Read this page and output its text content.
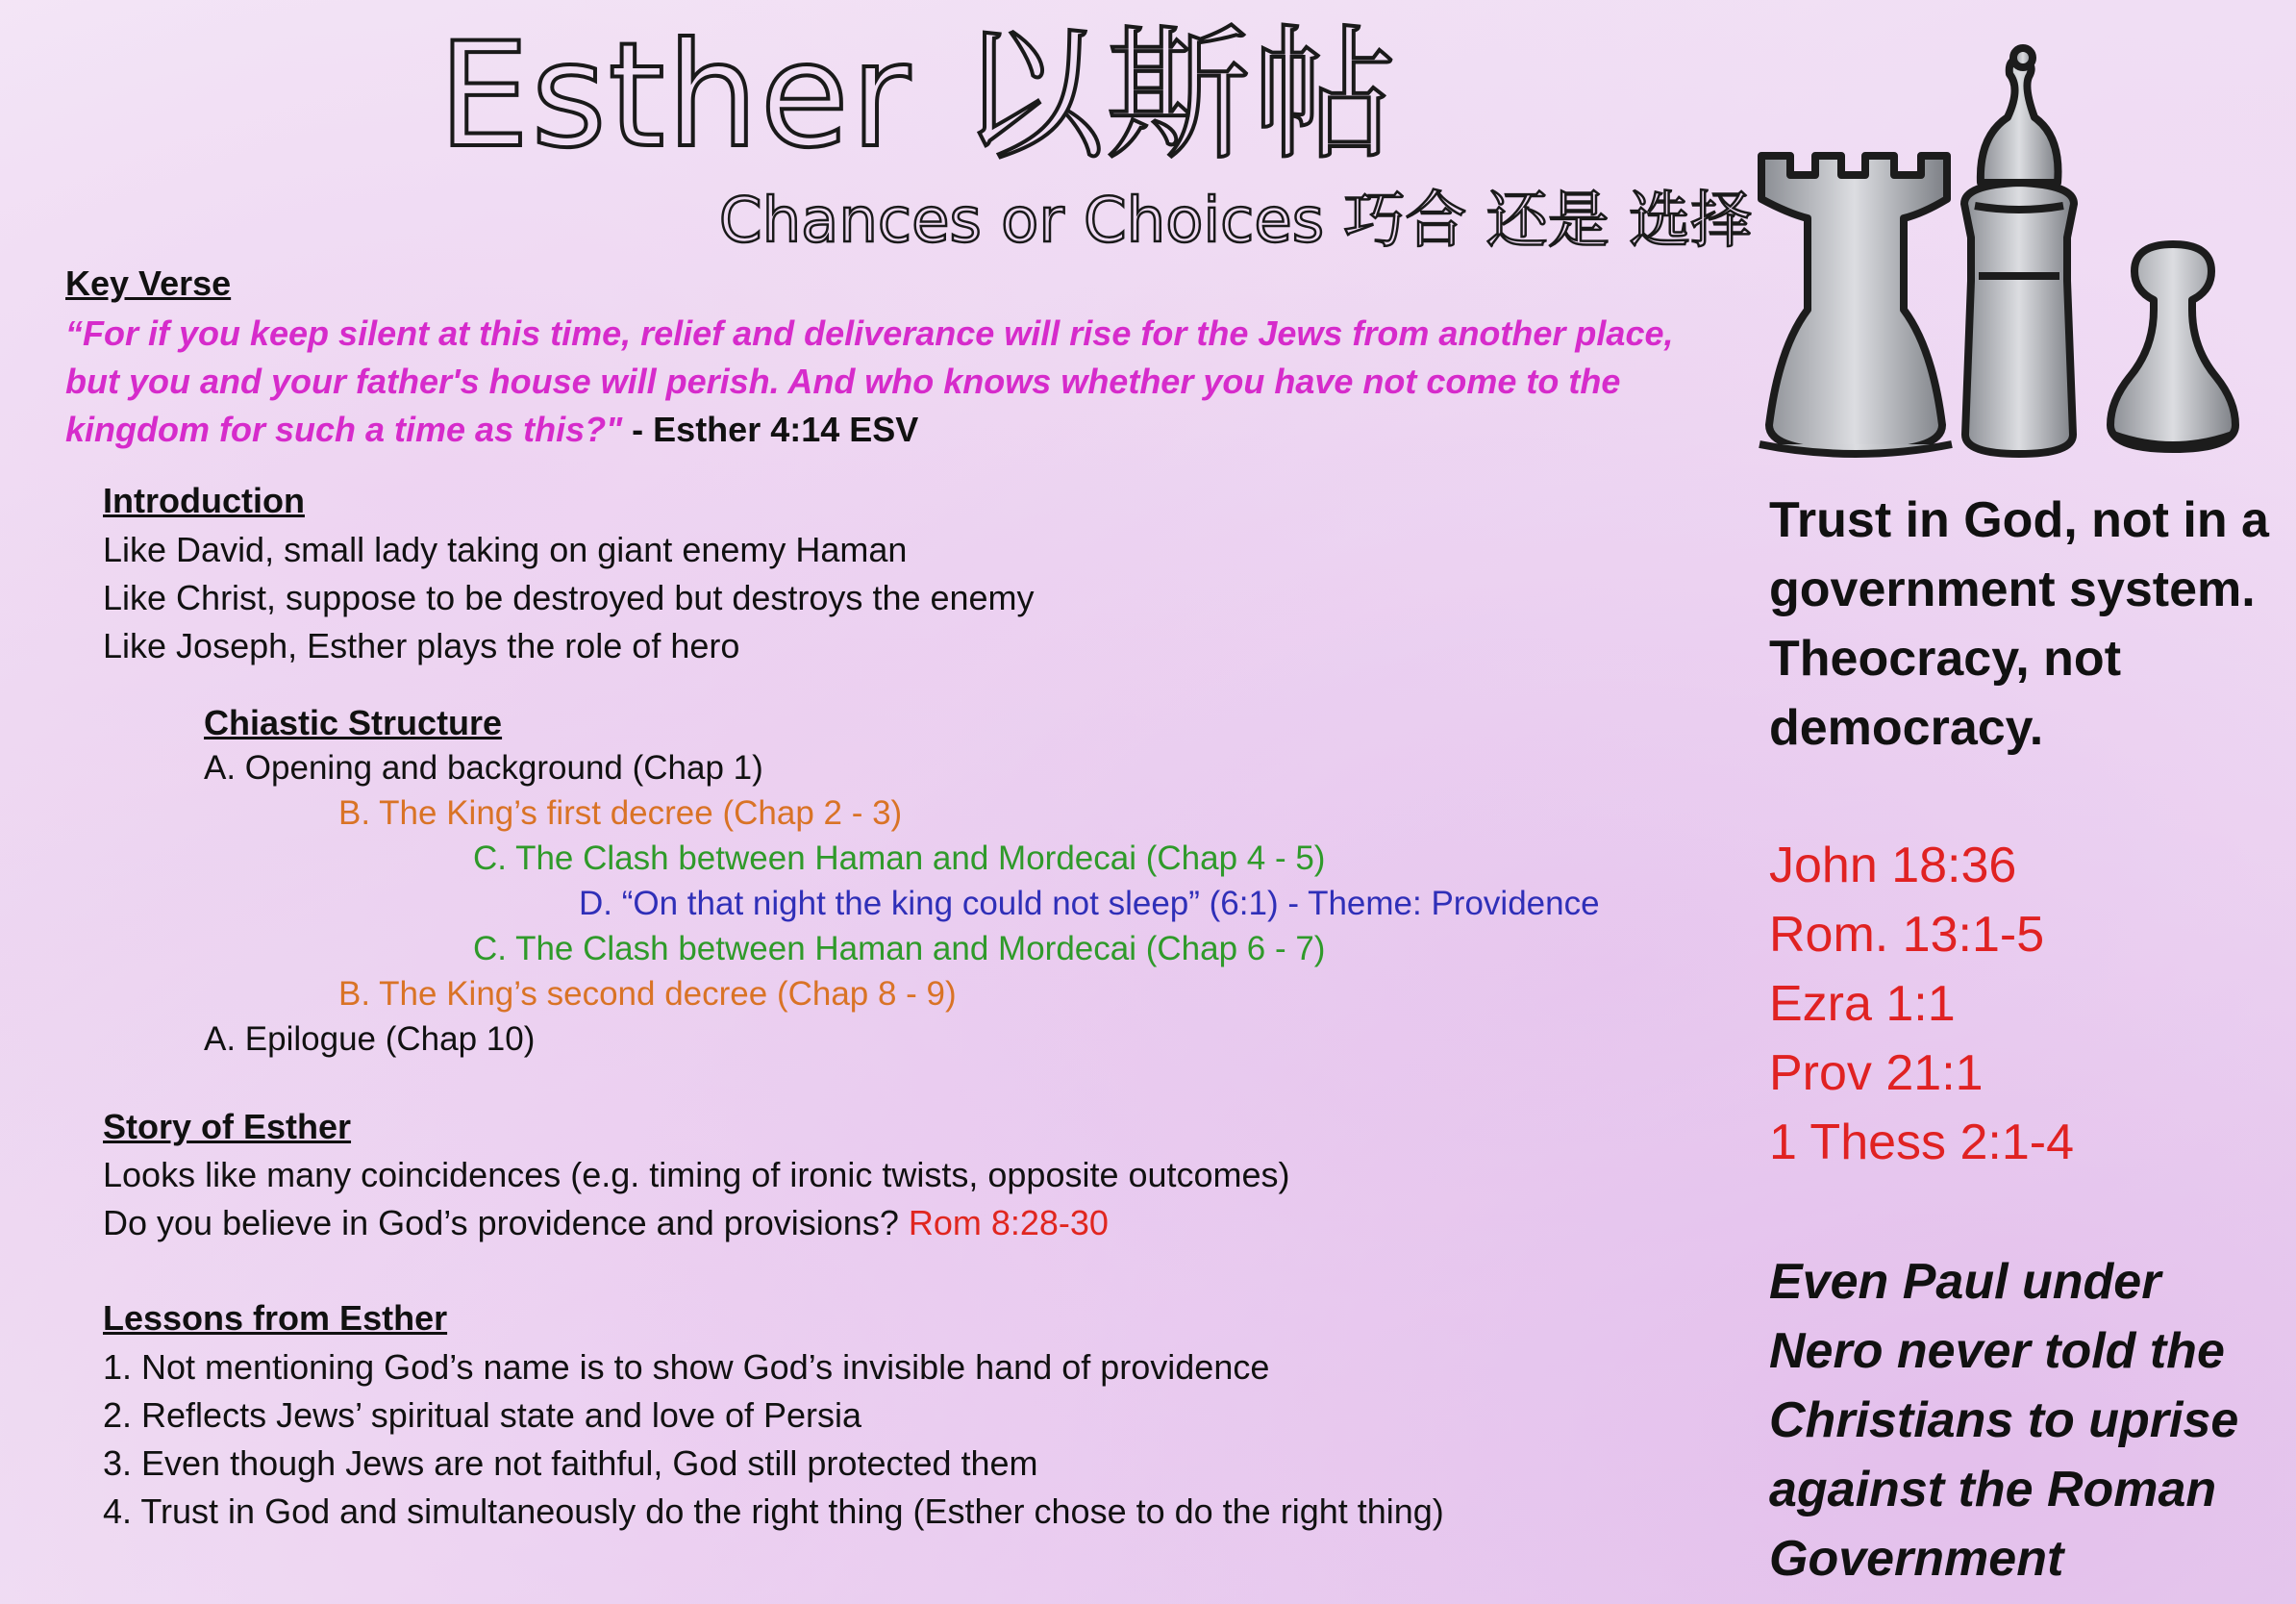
Esther 以斯帖
Chances or Choices 巧合 还是 选择
Key Verse
“For if you keep silent at this time, relief and deliverance will rise for the Jews from another place, but you and your father's house will perish. And who knows whether you have not come to the kingdom for such a time as this?" - Esther 4:14 ESV
Introduction
Like David, small lady taking on giant enemy Haman
Like Christ, suppose to be destroyed but destroys the enemy
Like Joseph, Esther plays the role of hero
Chiastic Structure
A. Opening and background (Chap 1)
B. The King’s first decree (Chap 2 - 3)
C. The Clash between Haman and Mordecai (Chap 4 - 5)
D. “On that night the king could not sleep” (6:1) - Theme: Providence
C. The Clash between Haman and Mordecai (Chap 6 - 7)
B. The King’s second decree (Chap 8 - 9)
A. Epilogue (Chap 10)
Story of Esther
Looks like many coincidences (e.g. timing of ironic twists, opposite outcomes)
Do you believe in God’s providence and provisions? Rom 8:28-30
Lessons from Esther
1. Not mentioning God’s name is to show God’s invisible hand of providence
2. Reflects Jews’ spiritual state and love of Persia
3. Even though Jews are not faithful, God still protected them
4. Trust in God and simultaneously do the right thing (Esther chose to do the right thing)
Trust in God, not in a
government system.
Theocracy, not
democracy.
John 18:36
Rom. 13:1-5
Ezra 1:1
Prov 21:1
1 Thess 2:1-4
Even Paul under
Nero never told the
Christians to uprise
against the Roman
Government
